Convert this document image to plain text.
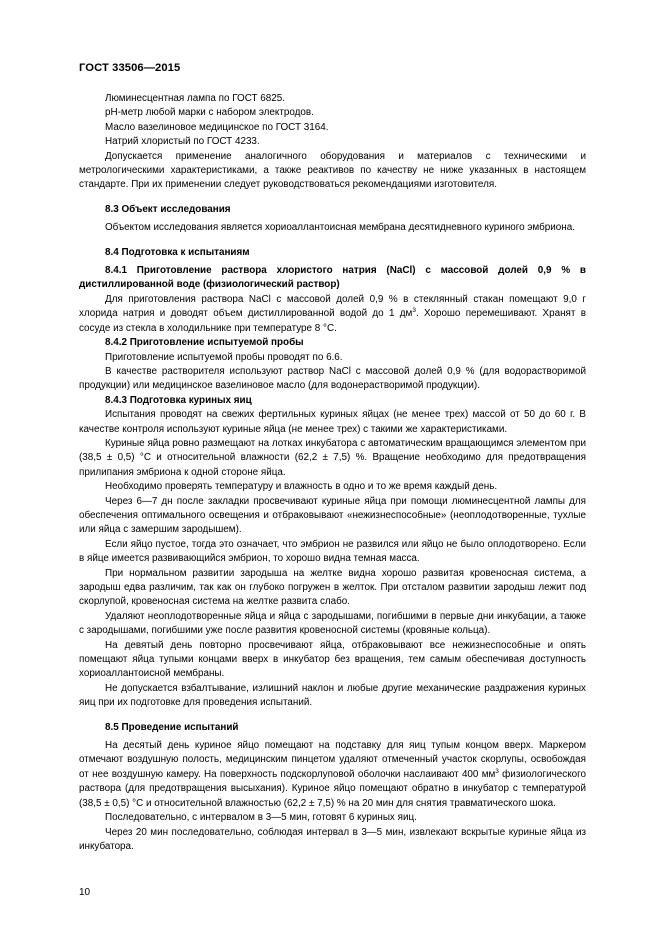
ГОСТ 33506—2015

Люминесцентная лампа по ГОСТ 6825.

pH-метр любой марки с набором электродов.

Масло вазелиновое медицинское по ГОСТ 3164.

Натрий хлористый по ГОСТ 4233.

Допускается применение аналогичного оборудования и материалов с техническими и метрологическими характеристиками, а также реактивов по качеству не ниже указанных в настоящем стандарте. При их применении следует руководствоваться рекомендациями изготовителя.

8.3 Объект исследования

Объектом исследования является хориоаллантоисная мембрана десятидневного куриного эмбриона.

8.4 Подготовка к испытаниям
8.4.1 Приготовление раствора хлористого натрия (NaCl) с массовой долей 0,9 % в дистиллированной воде (физиологический раствор)

Для приготовления раствора NaCl с массовой долей 0,9 % в стеклянный стакан помещают 9,0 г хлорида натрия и доводят объем дистиллированной водой до 1 $дм^3$. Хорошо перемешивают. Хранят в сосуде из стекла в холодильнике при температуре 8 °С.

8.4.2 Приготовление испытуемой пробы

Приготовление испытуемой пробы проводят по 6.6.

В качестве растворителя используют раствор NaCl с массовой долей 0,9 % (для водорастворимой продукции) или медицинское вазелиновое масло (для водонерастворимой продукции).

8.4.3 Подготовка куриных яиц

Испытания проводят на свежих фертильных куриных яйцах (не менее трех) массой от 50 до 60 г. В качестве контроля используют куриные яйца (не менее трех) с такими же характеристиками.

Куриные яйца ровно размещают на лотках инкубатора с автоматическим вращающимся элементом при (38,5 ± 0,5) °С и относительной влажности (62,2 ± 7,5) %. Вращение необходимо для предотвращения прилипания эмбриона к одной стороне яйца.

Необходимо проверять температуру и влажность в одно и то же время каждый день.

Через 6—7 дн после закладки просвечивают куриные яйца при помощи люминесцентной лампы для обеспечения оптимального освещения и отбраковывают «нежизнеспособные» (неоплодотворенные, тухлые или яйца с замершим зародышем).

Если яйцо пустое, тогда это означает, что эмбрион не развился или яйцо не было оплодотворено. Если в яйце имеется развивающийся эмбрион, то хорошо видна темная масса.

При нормальном развитии зародыша на желтке видна хорошо развитая кровеносная система, а зародыш едва различим, так как он глубоко погружен в желток. При отсталом развитии зародыш лежит под скорлупой, кровеносная система на желтке развита слабо.

Удаляют неоплодотворенные яйца и яйца с зародышами, погибшими в первые дни инкубации, а также с зародышами, погибшими уже после развития кровеносной системы (кровяные кольца).

На девятый день повторно просвечивают яйца, отбраковывают все нежизнеспособные и опять помещают яйца тупыми концами вверх в инкубатор без вращения, тем самым обеспечивая доступность хориоаллантоисной мембраны.

Не допускается взбалтывание, излишний наклон и любые другие механические раздражения куриных яиц при их подготовке для проведения испытаний.

8.5 Проведение испытаний

На десятый день куриное яйцо помещают на подставку для яиц тупым концом вверх. Маркером отмечают воздушную полость, медицинским пинцетом удаляют отмеченный участок скорлупы, освобождая от нее воздушную камеру. На поверхность подскорлуповой оболочки наслаивают 400 $мм^3$ физиологического раствора (для предотвращения высыхания). Куриное яйцо помещают обратно в инкубатор с температурой (38,5 ± 0,5) °С и относительной влажностью (62,2 ± 7,5) % на 20 мин для снятия травматического шока.

Последовательно, с интервалом в 3—5 мин, готовят 6 куриных яиц.

Через 20 мин последовательно, соблюдая интервал в 3—5 мин, извлекают вскрытые куриные яйца из инкубатора.

10
